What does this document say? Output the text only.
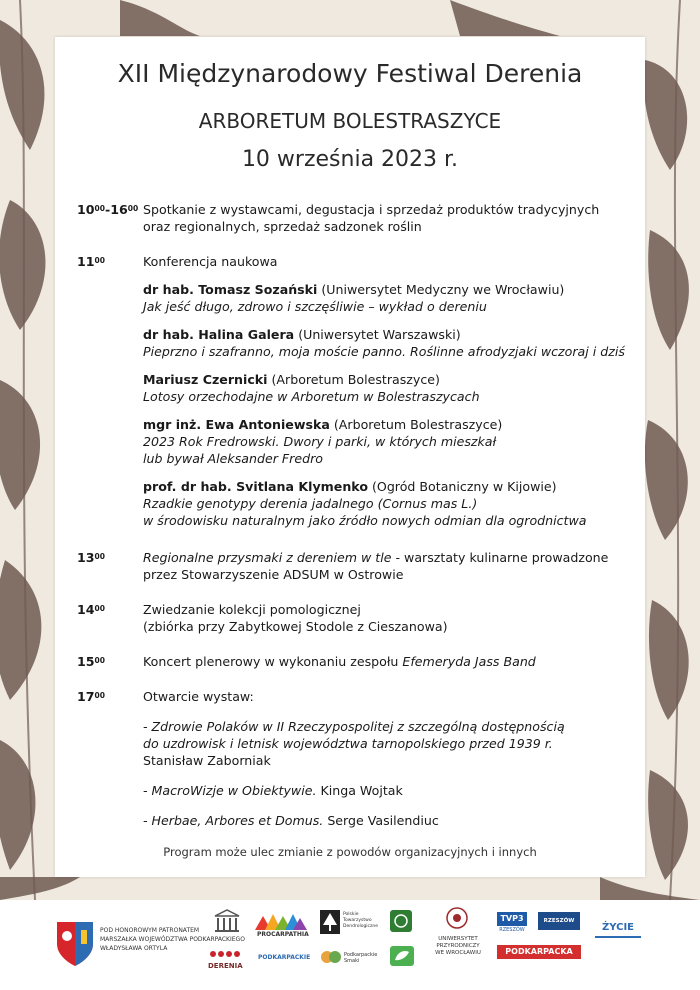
XII Międzynarodowy Festiwal Derenia
ARBORETUM BOLESTRASZYCE
10 września 2023 r.
$10^{00}-16^{00}$ Spotkanie z wystawcami, degustacja i sprzedaż produktów tradycyjnych
oraz regionalnych, sprzedaż sadzonek roślin
$11^{00}$	Konferencja naukowa
dr hab. Tomasz Sozański (Uniwersytet Medyczny we Wrocławiu)
Jak jeść długo, zdrowo i szczęśliwie – wykład o dereniu
dr hab. Halina Galera (Uniwersytet Warszawski)
Pieprzno i szafranno, moja moście panno. Roślinne afrodyzjaki wczoraj i dziś
Mariusz Czernicki (Arboretum Bolestraszyce)
Lotosy orzechodajne w Arboretum w Bolestraszycach
mgr inż. Ewa Antoniewska (Arboretum Bolestraszyce)
2023 Rok Fredrowski. Dwory i parki, w których mieszkał
lub bywał Aleksander Fredro
prof. dr hab. Svitlana Klymenko (Ogród Botaniczny w Kijowie)
Rzadkie genotypy derenia jadalnego (Cornus mas L.)
w środowisku naturalnym jako źródło nowych odmian dla ogrodnictwa
$13^{00}$	Regionalne przysmaki z dereniem w tle - warsztaty kulinarne prowadzone
przez Stowarzyszenie ADSUM w Ostrowie
$14^{00}$	Zwiedzanie kolekcji pomologicznej
(zbiórka przy Zabytkowej Stodole z Cieszanowa)
$15^{00}$	Koncert plenerowy w wykonaniu zespołu Efemeryda Jass Band
$17^{00}$	Otwarcie wystaw:
- Zdrowie Polaków w II Rzeczypospolitej z szczególną dostępnością
do uzdrowisk i letnisk województwa tarnopolskiego przed 1939 r.
Stanisław Zaborniak
- MacroWizje w Obiektywie. Kinga Wojtak
- Herbae, Arbores et Domus. Serge Vasilendiuc
Program może ulec zmianie z powodów organizacyjnych i innych
POD HONOROWYM PATRONATEM
MARSZAŁKA WOJEWÓDZTWA PODKARPACKIEGO
WŁADYSŁAWA ORTYLA
DERENIA
PROCARPATHIA
PODKARPACKIE
Polskie
Towarzystwo
Dendrologiczne
Podkarpackie
Smaki
UNIWERSYTET
PRZYRODNICZY
WE WROCŁAWIU
TVP3
RZESZÓW
RZESZÓW
PODKARPACKA
ŻYCIE
